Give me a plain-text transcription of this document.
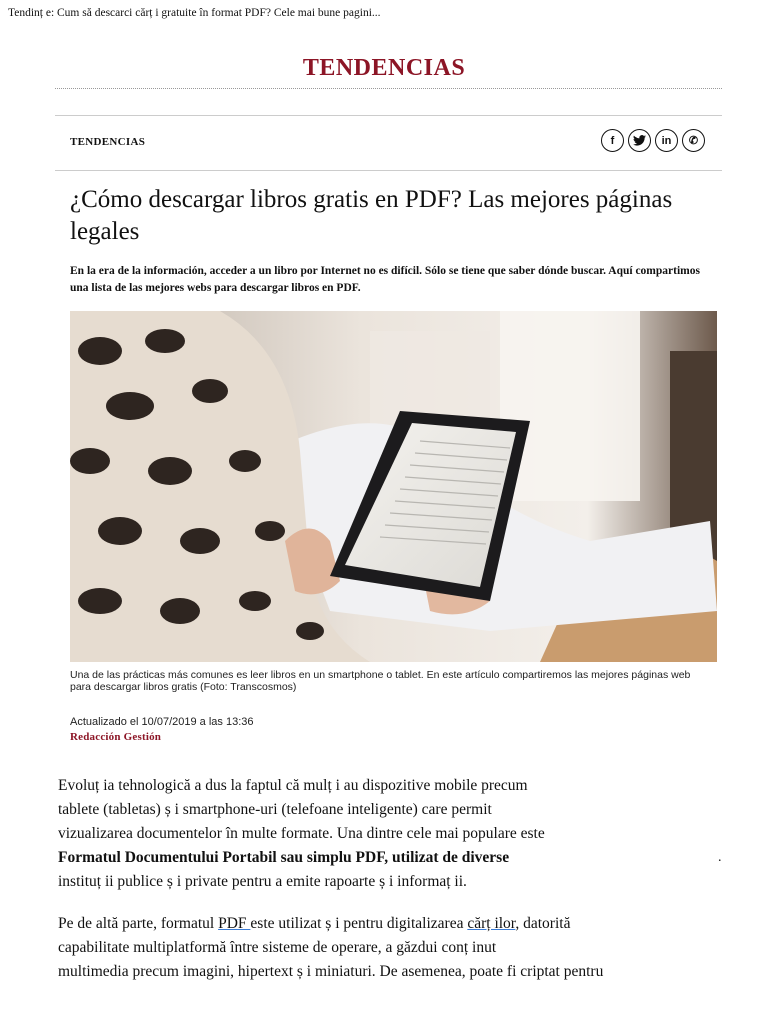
Tendinț e: Cum să descarci cărț i gratuite în format PDF? Cele mai bune pagini...
TENDENCIAS
TENDENCIAS	f	in	✆
¿Cómo descargar libros gratis en PDF? Las mejores páginas legales
En la era de la información, acceder a un libro por Internet no es difícil. Sólo se tiene que saber dónde buscar. Aquí compartimos una lista de las mejores webs para descargar libros en PDF.
Una de las prácticas más comunes es leer libros en un smartphone o tablet. En este artículo compartiremos las mejores páginas web para descargar libros gratis (Foto: Transcosmos)
Actualizado el 10/07/2019 a las 13:36
Redacción Gestión
Evoluț ia tehnologică a dus la faptul că mulț i au dispozitive mobile precum
tablete (tabletas) ș i smartphone-uri (telefoane inteligente) care permit
vizualizarea documentelor în multe formate. Una dintre cele mai populare este
Formatul Documentului Portabil sau simplu PDF, utilizat de diverse
instituț ii publice ș i private pentru a emite rapoarte ș i informaț ii.
.
Pe de altă parte, formatul PDF este utilizat ș i pentru digitalizarea cărț ilor, datorită
capabilitate multiplatformă între sisteme de operare, a găzdui conț inut
multimedia precum imagini, hipertext ș i miniaturi. De asemenea, poate fi criptat pentru
